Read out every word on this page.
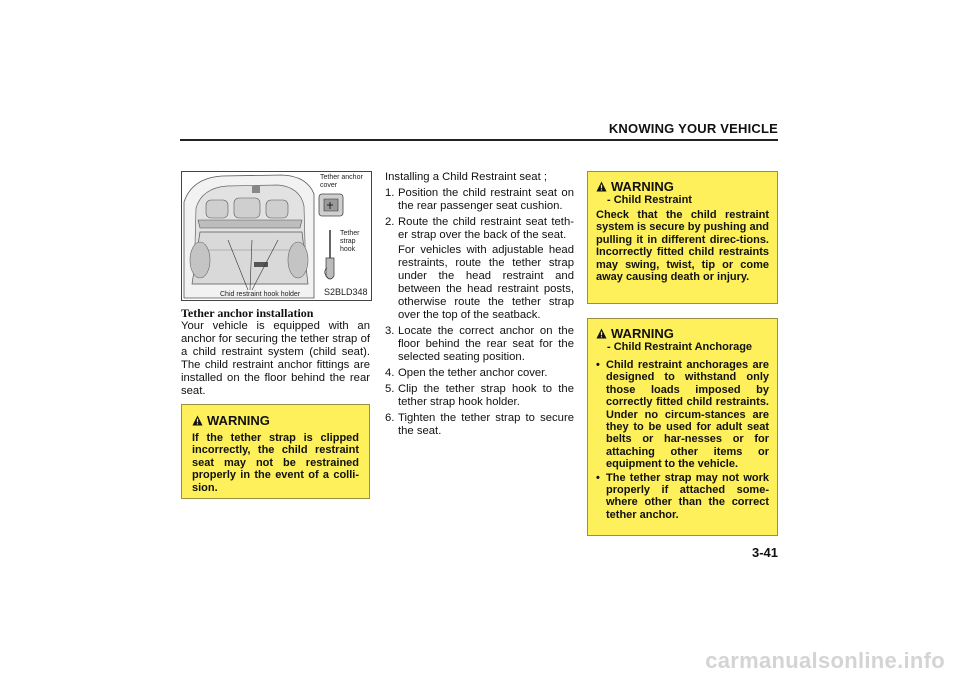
KNOWING YOUR VEHICLE
Tether anchor cover
Tether strap hook
Chid restraint hook holder	S2BLD348
Tether anchor installation
Your vehicle is equipped with an anchor for securing the tether strap of a child restraint system (child seat). The child restraint anchor fittings are installed on the floor behind the rear seat.
WARNING
If the tether strap is clipped incorrectly, the child restraint seat may not be restrained properly in the event of a colli-sion.
Installing a Child Restraint seat ;
1. Position the child restraint seat on the rear passenger seat cushion.
2. Route the child restraint seat teth-er strap over the back of the seat.
For vehicles with adjustable head restraints, route the tether strap under the head restraint and between the head restraint posts, otherwise route the tether strap over the top of the seatback.
3. Locate the correct anchor on the floor behind the rear seat for the selected seating position.
4. Open the tether anchor cover.
5. Clip the tether strap hook to the tether strap hook holder.
6. Tighten the tether strap to secure the seat.
WARNING
- Child Restraint
Check that the child restraint system is secure by pushing and pulling it in different direc-tions. Incorrectly fitted child restraints may swing, twist, tip or come away causing death or injury.
WARNING
- Child Restraint Anchorage
• Child restraint anchorages are designed to withstand only those loads imposed by correctly fitted child restraints. Under no circum-stances are they to be used for adult seat belts or har-nesses or for attaching other items or equipment to the vehicle.
• The tether strap may not work properly if attached some-where other than the correct tether anchor.
3-41
carmanualsonline.info
